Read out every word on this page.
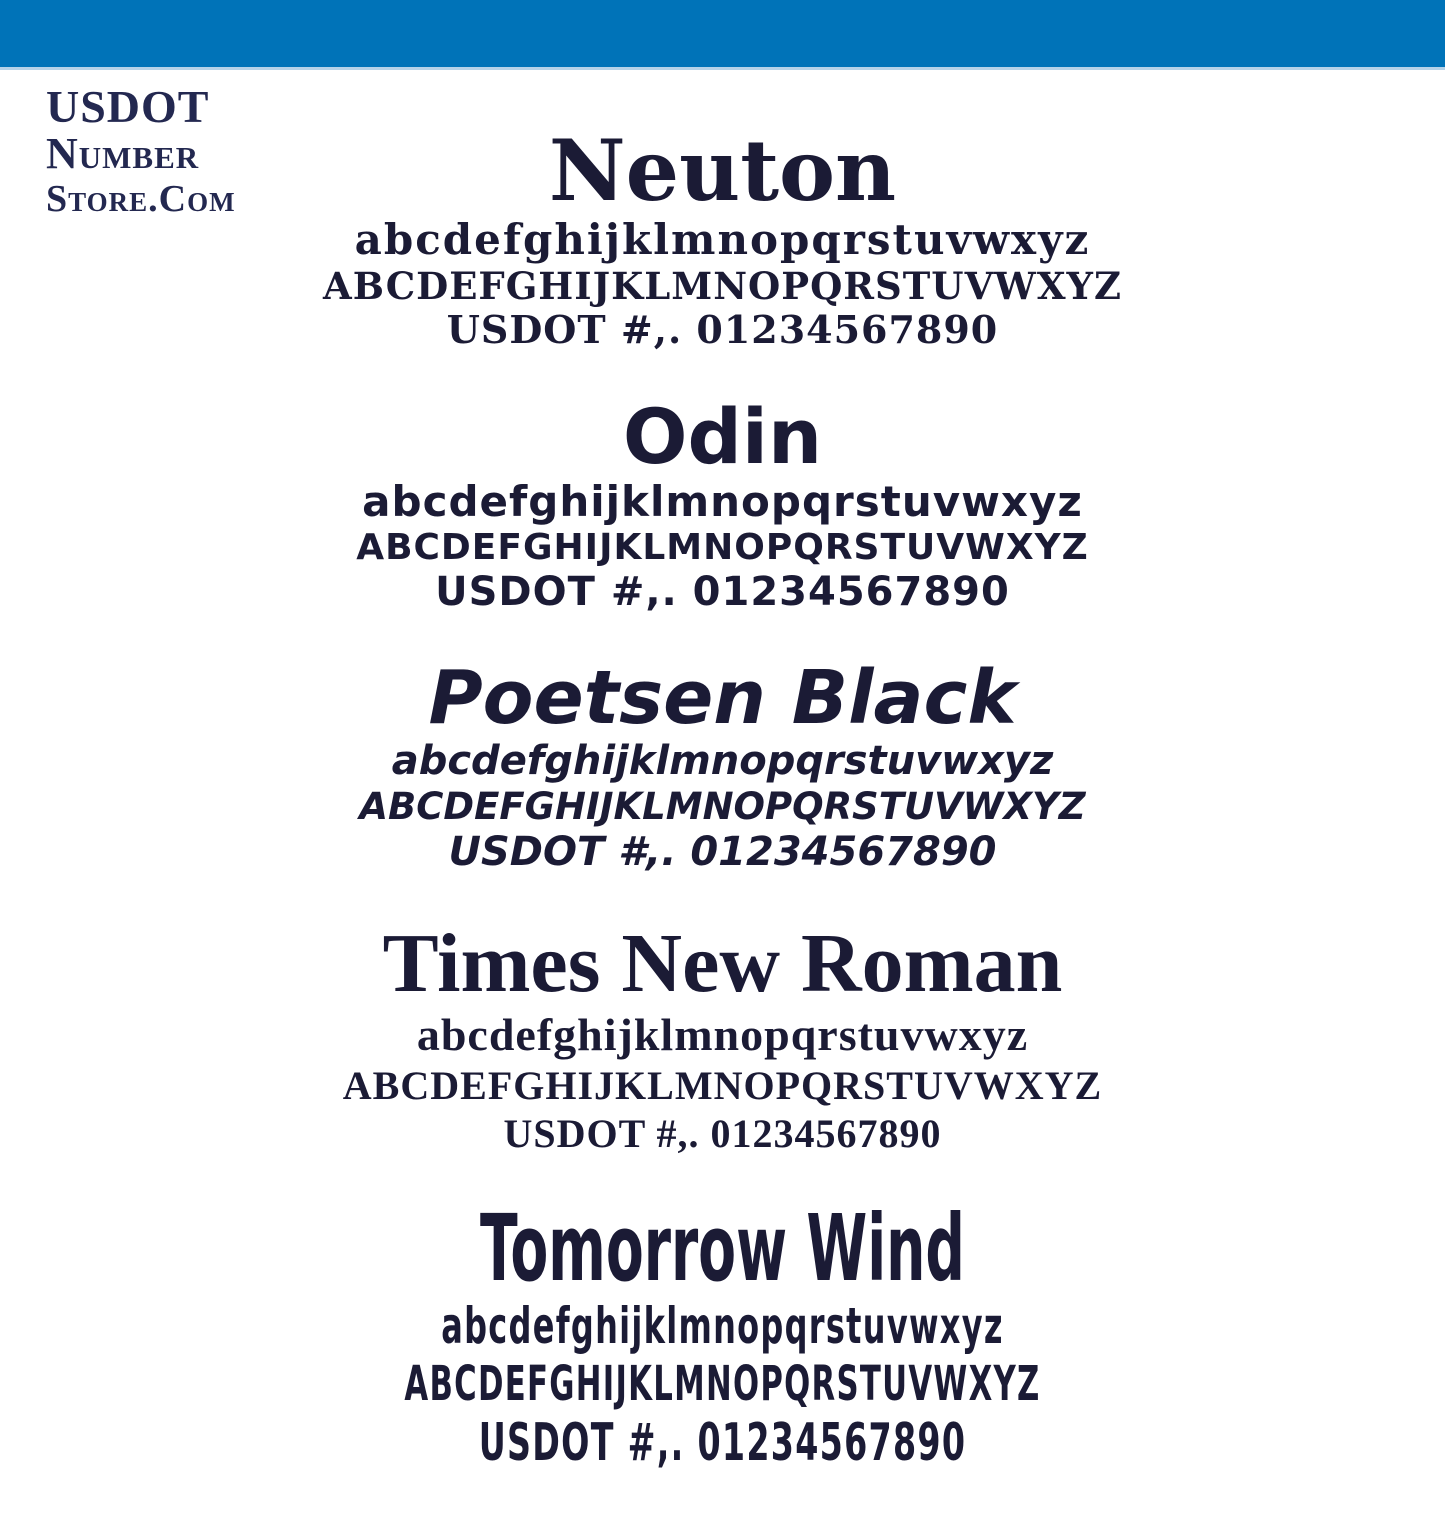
USDOT
Number
Store.Com	Neuton
abcdefghijklmnopqrstuvwxyz
ABCDEFGHIJKLMNOPQRSTUVWXYZ
USDOT #,. 01234567890
Odin
abcdefghijklmnopqrstuvwxyz
ABCDEFGHIJKLMNOPQRSTUVWXYZ
USDOT #,. 01234567890
Poetsen Black
abcdefghijklmnopqrstuvwxyz
ABCDEFGHIJKLMNOPQRSTUVWXYZ
USDOT #,. 01234567890
Times New Roman
abcdefghijklmnopqrstuvwxyz
ABCDEFGHIJKLMNOPQRSTUVWXYZ
USDOT #,. 01234567890
Tomorrow Wind
abcdefghijklmnopqrstuvwxyz
ABCDEFGHIJKLMNOPQRSTUVWXYZ
USDOT #,. 01234567890
